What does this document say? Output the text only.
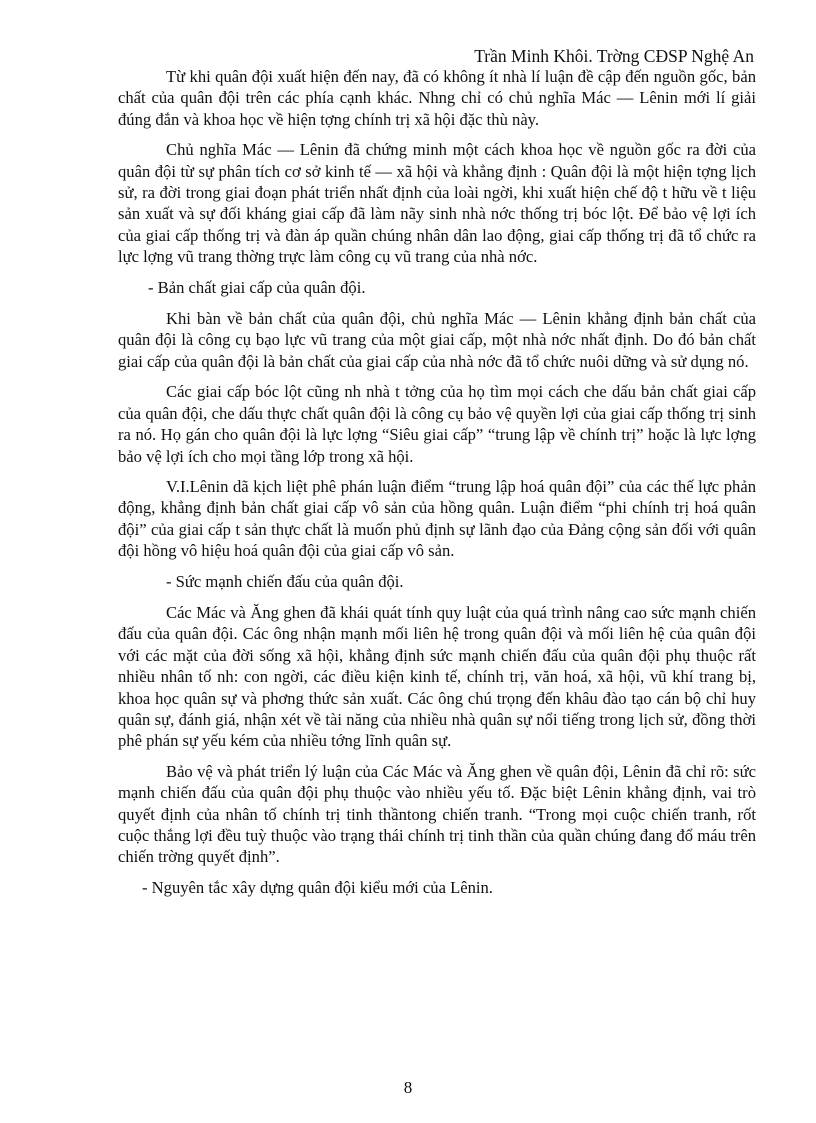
Trần Minh Khôi. Trờng CĐSP Nghệ An

Từ khi quân đội xuất hiện đến nay, đã có không ít nhà lí luận đề cập đến nguồn gốc, bản chất của quân đội trên các phía cạnh khác. Nhng chỉ có chủ nghĩa Mác — Lênin mới lí giải đúng đắn và khoa học về hiện tợng chính trị xã hội đặc thù này.

Chủ nghĩa Mác — Lênin đã chứng minh một cách khoa học về nguồn gốc ra đời của quân đội từ sự phân tích cơ sở kinh tế — xã hội và khẳng định : Quân đội là một hiện tợng lịch sử, ra đời trong giai đoạn phát triển nhất định của loài ngời, khi xuất hiện chế độ t hữu về t liệu sản xuất và sự đối kháng giai cấp đã làm nãy sinh nhà nớc thống trị bóc lột. Để bảo vệ lợi ích của giai cấp thống trị và đàn áp quần chúng nhân dân lao động, giai cấp thống trị đã tổ chức ra lực lợng vũ trang thờng trực làm công cụ vũ trang của nhà nớc.

- Bản chất giai cấp của quân đội.

Khi bàn về bản chất của quân đội, chủ nghĩa Mác — Lênin khẳng định bản chất của quân đội là công cụ bạo lực vũ trang của một giai cấp, một nhà nớc nhất định. Do đó bản chất giai cấp của quân đội là bản chất của giai cấp của nhà nớc đã tổ chức nuôi dững và sử dụng nó.

Các giai cấp bóc lột cũng nh nhà t tởng của họ tìm mọi cách che dấu bản chất giai cấp của quân đội, che dấu thực chất quân đội là công cụ bảo vệ quyền lợi của giai cấp thống trị sinh ra nó. Họ gán cho quân đội là lực lợng “Siêu giai cấp” “trung lập về chính trị” hoặc là lực lợng bảo vệ lợi ích cho mọi tầng lớp trong xã hội.

V.I.Lênin dã kịch liệt phê phán luận điểm “trung lập hoá quân đội” của các thế lực phản động, khẳng định bản chất giai cấp vô sản của hồng quân. Luận điểm “phi chính trị hoá quân đội” của giai cấp t sản thực chất là muốn phủ định sự lãnh đạo của Đảng cộng sản đối với quân đội hồng vô hiệu hoá quân đội của giai cấp vô sản.

- Sức mạnh chiến đấu của quân đội.

Các Mác và Ăng ghen đã khái quát tính quy luật của quá trình nâng cao sức mạnh chiến đấu của quân đội. Các ông nhận mạnh mối liên hệ trong quân đội và mối liên hệ của quân đội với các mặt của đời sống xã hội, khẳng định sức mạnh chiến đấu của quân đội phụ thuộc rất nhiều nhân tố nh: con ngời, các điều kiện kinh tế, chính trị, văn hoá, xã hội, vũ khí trang bị, khoa học quân sự và phơng thức sản xuất. Các ông chú trọng đến khâu đào tạo cán bộ chỉ huy quân sự, đánh giá, nhận xét về tài năng của nhiều nhà quân sự nổi tiếng trong lịch sử, đồng thời phê phán sự yếu kém của nhiều tớng lĩnh quân sự.

Bảo vệ và phát triển lý luận của Các Mác và Ăng ghen về quân đội, Lênin đã chỉ rõ: sức mạnh chiến đấu của quân đội phụ thuộc vào nhiều yếu tố. Đặc biệt Lênin khẳng định, vai trò quyết định của nhân tố chính trị tinh thầntong chiến tranh. “Trong mọi cuộc chiến tranh, rốt cuộc thắng lợi đều tuỳ thuộc vào trạng thái chính trị tinh thần của quần chúng đang đổ máu trên chiến trờng quyết định”.

- Nguyên tắc xây dựng quân đội kiểu mới của Lênin.

8
